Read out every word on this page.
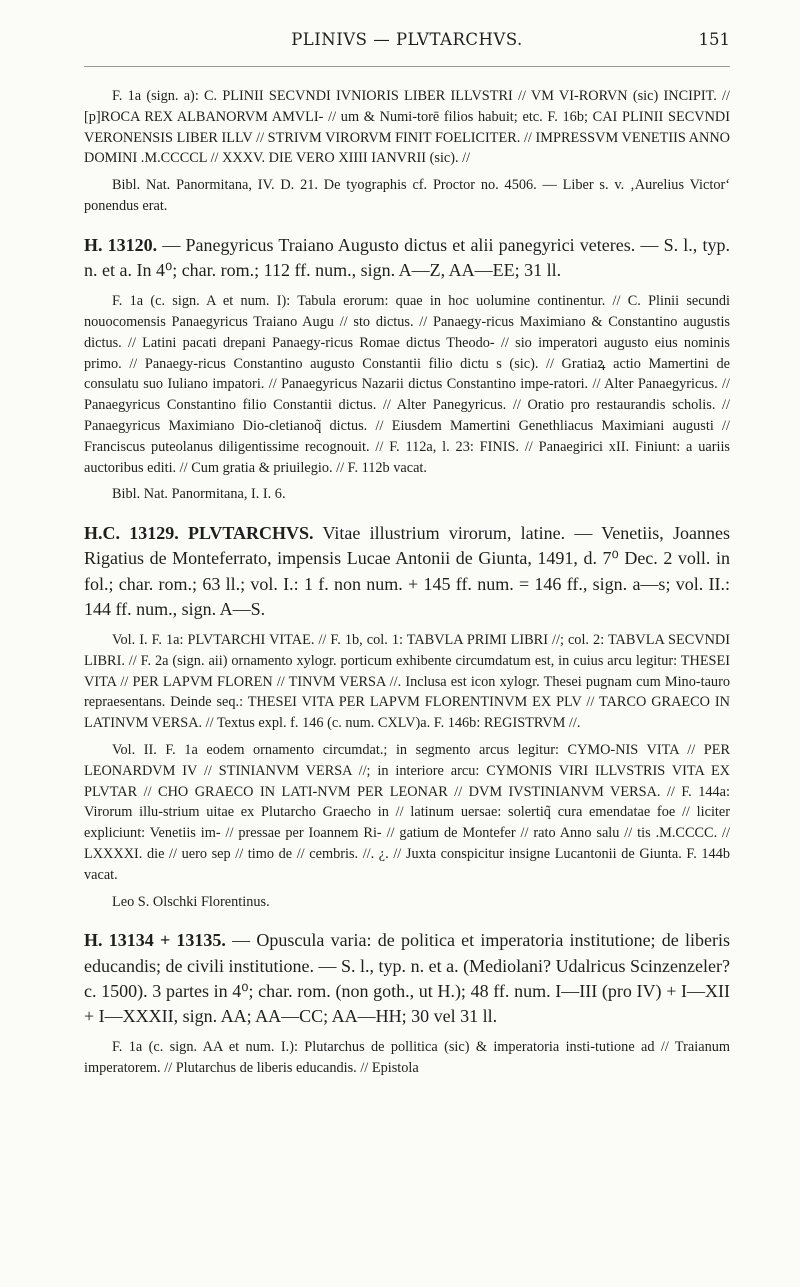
PLINIVS — PLVTARCHVS.	151

F. 1a (sign. a): C. PLINII SECVNDI IVNIORIS LIBER ILLVSTRI // VM VI-RORVN (sic) INCIPIT. // [p]ROCA REX ALBANORVM AMVLI- // um & Numi-torē filios habuit; etc. F. 16b; CAI PLINII SECVNDI VERONENSIS LIBER ILLV // STRIVM VIRORVM FINIT FOELICITER. // IMPRESSVM VENETIIS ANNO DOMINI .M.CCCCL // XXXV. DIE VERO XIIII IANVRII (sic). //

Bibl. Nat. Panormitana, IV. D. 21. De tyographis cf. Proctor no. 4506. — Liber s. v. ‚Aurelius Victor‘ ponendus erat.

H. 13120. — Panegyricus Traiano Augusto dictus et alii panegyrici veteres. — S. l., typ. n. et a. In 4⁰; char. rom.; 112 ff. num., sign. A—Z, AA—EE; 31 ll.

F. 1a (c. sign. A et num. I): Tabula erorum: quae in hoc uolumine continentur. // C. Plinii secundi nouocomensis Panaegyricus Traiano Augu // sto dictus. // Panaegy-ricus Maximiano & Constantino augustis dictus. // Latini pacati drepani Panaegy-ricus Romae dictus Theodo- // sio imperatori augusto eius nominis primo. // Panaegy-ricus Constantino augusto Constantii filio dictu s (sic). // Gratiaꝝ actio Mamertini de consulatu suo Iuliano impatori. // Panaegyricus Nazarii dictus Constantino impe-ratori. // Alter Panaegyricus. // Panaegyricus Constantino filio Constantii dictus. // Alter Panegyricus. // Oratio pro restaurandis scholis. // Panaegyricus Maximiano Dio-cletianoq̃ dictus. // Eiusdem Mamertini Genethliacus Maximiani augusti // Franciscus puteolanus diligentissime recognouit. // F. 112a, l. 23: FINIS. // Panaegirici xII. Finiunt: a uariis auctoribus editi. // Cum gratia & priuilegio. // F. 112b vacat.

Bibl. Nat. Panormitana, I. I. 6.

H.C. 13129. PLVTARCHVS. Vitae illustrium virorum, latine. — Venetiis, Joannes Rigatius de Monteferrato, impensis Lucae Antonii de Giunta, 1491, d. 7⁰ Dec. 2 voll. in fol.; char. rom.; 63 ll.; vol. I.: 1 f. non num. + 145 ff. num. = 146 ff., sign. a—s; vol. II.: 144 ff. num., sign. A—S.

Vol. I. F. 1a: PLVTARCHI VITAE. // F. 1b, col. 1: TABVLA PRIMI LIBRI //; col. 2: TABVLA SECVNDI LIBRI. // F. 2a (sign. aii) ornamento xylogr. porticum exhibente circumdatum est, in cuius arcu legitur: THESEI VITA // PER LAPVM FLOREN // TINVM VERSA //. Inclusa est icon xylogr. Thesei pugnam cum Mino-tauro repraesentans. Deinde seq.: THESEI VITA PER LAPVM FLORENTINVM EX PLV // TARCO GRAECO IN LATINVM VERSA. // Textus expl. f. 146 (c. num. CXLV)a. F. 146b: REGISTRVM //.

Vol. II. F. 1a eodem ornamento circumdat.; in segmento arcus legitur: CYMO-NIS VITA // PER LEONARDVM IV // STINIANVM VERSA //; in interiore arcu: CYMONIS VIRI ILLVSTRIS VITA EX PLVTAR // CHO GRAECO IN LATI-NVM PER LEONAR // DVM IVSTINIANVM VERSA. // F. 144a: Virorum illu-strium uitae ex Plutarcho Graecho in // latinum uersae: solertiq̃ cura emendatae foe // liciter expliciunt: Venetiis im- // pressae per Ioannem Ri- // gatium de Montefer // rato Anno salu // tis .M.CCCC. // LXXXXI. die // uero sep // timo de // cembris. //. ¿. // Juxta conspicitur insigne Lucantonii de Giunta. F. 144b vacat.

Leo S. Olschki Florentinus.

H. 13134 + 13135. — Opuscula varia: de politica et imperatoria institutione; de liberis educandis; de civili institutione. — S. l., typ. n. et a. (Mediolani? Udalricus Scinzenzeler? c. 1500). 3 partes in 4⁰; char. rom. (non goth., ut H.); 48 ff. num. I—III (pro IV) + I—XII + I—XXXII, sign. AA; AA—CC; AA—HH; 30 vel 31 ll.

F. 1a (c. sign. AA et num. I.): Plutarchus de pollitica (sic) & imperatoria insti-tutione ad // Traianum imperatorem. // Plutarchus de liberis educandis. // Epistola
